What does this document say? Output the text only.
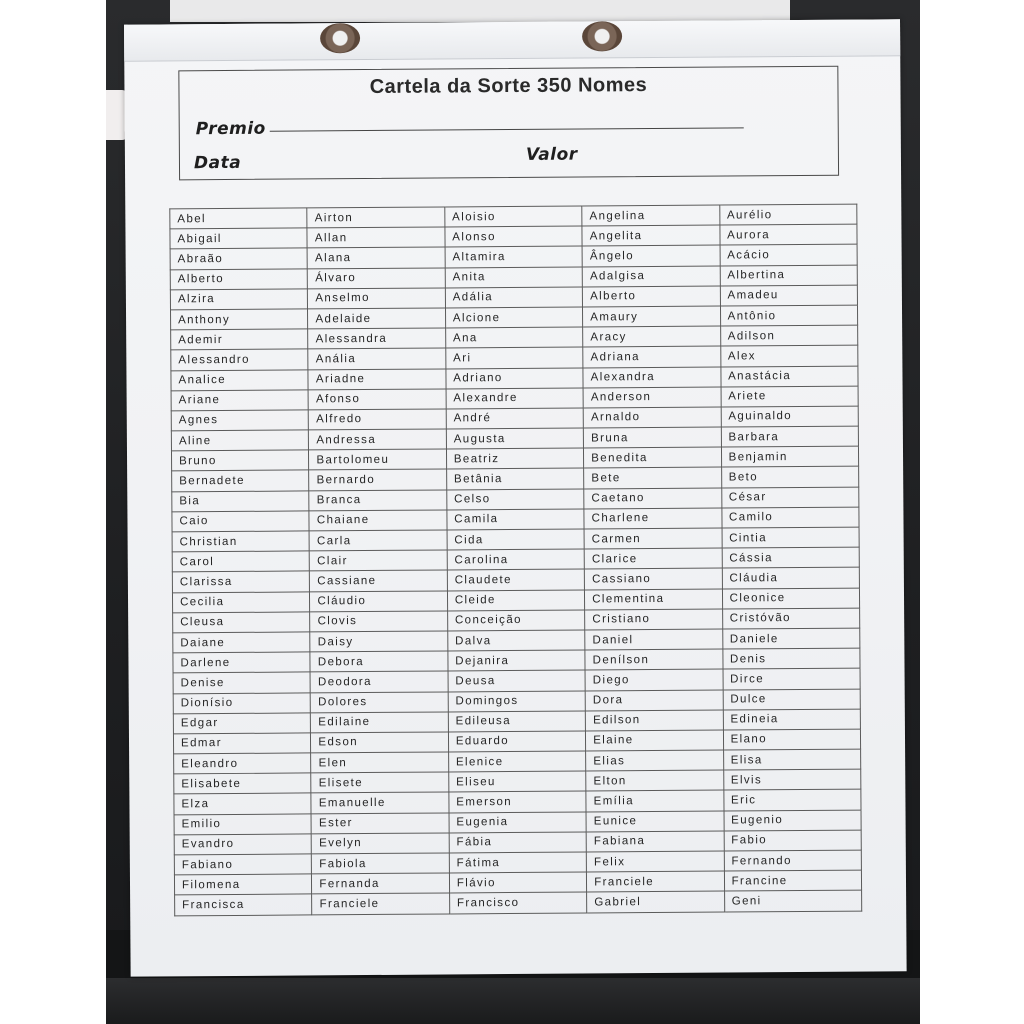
Cartela da Sorte 350 Nomes
Premio
Data	Valor
Abel	Airton	Aloisio	Angelina	Aurélio
Abigail	Allan	Alonso	Angelita	Aurora
Abraão	Alana	Altamira	Ângelo	Acácio
Alberto	Álvaro	Anita	Adalgisa	Albertina
Alzira	Anselmo	Adália	Alberto	Amadeu
Anthony	Adelaide	Alcione	Amaury	Antônio
Ademir	Alessandra	Ana	Aracy	Adilson
Alessandro	Anália	Ari	Adriana	Alex
Analice	Ariadne	Adriano	Alexandra	Anastácia
Ariane	Afonso	Alexandre	Anderson	Ariete
Agnes	Alfredo	André	Arnaldo	Aguinaldo
Aline	Andressa	Augusta	Bruna	Barbara
Bruno	Bartolomeu	Beatriz	Benedita	Benjamin
Bernadete	Bernardo	Betânia	Bete	Beto
Bia	Branca	Celso	Caetano	César
Caio	Chaiane	Camila	Charlene	Camilo
Christian	Carla	Cida	Carmen	Cintia
Carol	Clair	Carolina	Clarice	Cássia
Clarissa	Cassiane	Claudete	Cassiano	Cláudia
Cecilia	Cláudio	Cleide	Clementina	Cleonice
Cleusa	Clovis	Conceição	Cristiano	Cristóvão
Daiane	Daisy	Dalva	Daniel	Daniele
Darlene	Debora	Dejanira	Denílson	Denis
Denise	Deodora	Deusa	Diego	Dirce
Dionísio	Dolores	Domingos	Dora	Dulce
Edgar	Edilaine	Edileusa	Edilson	Edineia
Edmar	Edson	Eduardo	Elaine	Elano
Eleandro	Elen	Elenice	Elias	Elisa
Elisabete	Elisete	Eliseu	Elton	Elvis
Elza	Emanuelle	Emerson	Emília	Eric
Emilio	Ester	Eugenia	Eunice	Eugenio
Evandro	Evelyn	Fábia	Fabiana	Fabio
Fabiano	Fabiola	Fátima	Felix	Fernando
Filomena	Fernanda	Flávio	Franciele	Francine
Francisca	Franciele	Francisco	Gabriel	Geni
